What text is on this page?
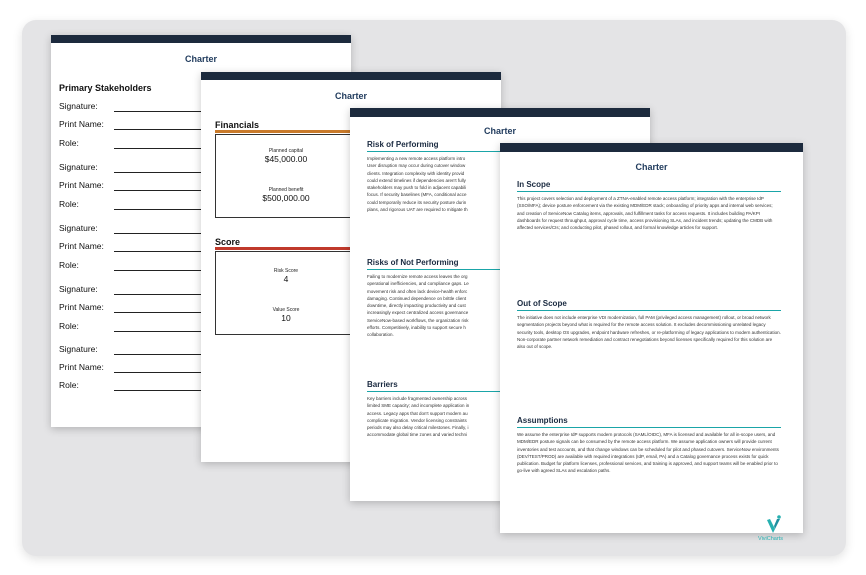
Charter
Primary Stakeholders
Signature:
Print Name:
Role:
Signature:
Print Name:
Role:
Signature:
Print Name:
Role:
Signature:
Print Name:
Role:
Signature:
Print Name:
Role:
Charter
Financials
Planned capital
$45,000.00
Planned benefit
$500,000.00
Score
Risk Score
4
Value Score
10
Charter
Risk of Performing
Implementing a new remote access platform intro
User disruption may occur during cutover window
clients. Integration complexity with identity provid
could extend timelines if dependencies aren't fully
stakeholders may push to fold in adjacent capabili
focus. If security baselines (MFA, conditional acce
could temporarily reduce its security posture durin
plans, and rigorous UAT are required to mitigate th
Risks of Not Performing
Failing to modernize remote access leaves the org
operational inefficiencies, and compliance gaps. Le
movement risk and often lack device-health enforc
damaging. Continued dependence on brittle client
downtime, directly impacting productivity and cust
increasingly expect centralized access governance
ServiceNow-based workflows, the organization risk
efforts. Competitively, inability to support secure h
collaboration.
Barriers
Key barriers include fragmented ownership across
limited SME capacity; and incomplete application in
access. Legacy apps that don't support modern au
complicate migration. Vendor licensing constraints
periods may also delay critical milestones. Finally, i
accommodate global time zones and varied techni
Charter
In Scope
This project covers selection and deployment of a ZTNA-enabled remote access platform; integration with the enterprise IdP (SSO/MFA); device posture enforcement via the existing MDM/EDR stack; onboarding of priority apps and internal web services; and creation of ServiceNow Catalog items, approvals, and fulfillment tasks for access requests. It includes building PA/KPI dashboards for request throughput, approval cycle time, access provisioning SLAs, and incident trends; updating the CMDB with affected services/CIs; and conducting pilot, phased rollout, and formal knowledge articles for support.
Out of Scope
The initiative does not include enterprise VDI modernization, full PAM (privileged access management) rollout, or broad network segmentation projects beyond what is required for the remote access solution. It excludes decommissioning unrelated legacy security tools, desktop OS upgrades, endpoint hardware refreshes, or re-platforming of legacy applications to modern authentication. Non-corporate partner network remediation and contract renegotiations beyond licenses specifically required for this solution are also out of scope.
Assumptions
We assume the enterprise IdP supports modern protocols (SAML/OIDC), MFA is licensed and available for all in-scope users, and MDM/EDR posture signals can be consumed by the remote access platform. We assume application owners will provide current inventories and test accounts, and that change windows can be scheduled for pilot and phased cutovers. ServiceNow environments (DEV/TEST/PROD) are available with required integrations (IdP, email, PA) and a Catalog governance process exists for quick publication. Budget for platform licenses, professional services, and training is approved, and support teams will be enabled prior to go-live with agreed SLAs and escalation paths.
ViviCharts
